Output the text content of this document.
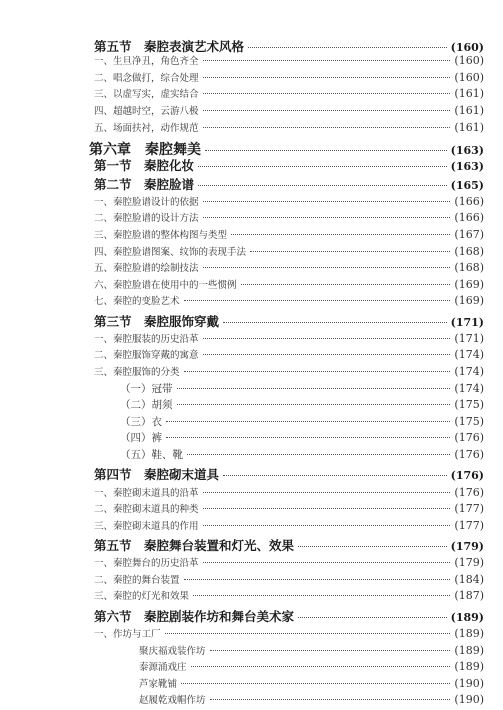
第五节　秦腔表演艺术风格	(160)
一、生旦净丑，角色齐全	(160)
二、唱念做打，综合处理	(160)
三、以虚写实，虚实结合	(161)
四、超越时空，云游八极	(161)
五、场面扶衬，动作规范	(161)
第六章　秦腔舞美	(163)
第一节　秦腔化妆	(163)
第二节　秦腔脸谱	(165)
一、秦腔脸谱设计的依据	(166)
二、秦腔脸谱的设计方法	(166)
三、秦腔脸谱的整体构图与类型	(167)
四、秦腔脸谱图案、纹饰的表现手法	(168)
五、秦腔脸谱的绘制技法	(168)
六、秦腔脸谱在使用中的一些惯例	(169)
七、秦腔的变脸艺术	(169)
第三节　秦腔服饰穿戴	(171)
一、秦腔服装的历史沿革	(171)
二、秦腔服饰穿戴的寓意	(174)
三、秦腔服饰的分类	(174)
（一）冠带	(174)
（二）胡须	(175)
（三）衣	(175)
（四）裤	(176)
（五）鞋、靴	(176)
第四节　秦腔砌末道具	(176)
一、秦腔砌末道具的沿革	(176)
二、秦腔砌末道具的种类	(177)
三、秦腔砌末道具的作用	(177)
第五节　秦腔舞台装置和灯光、效果	(179)
一、秦腔舞台的历史沿革	(179)
二、秦腔的舞台装置	(184)
三、秦腔的灯光和效果	(187)
第六节　秦腔剧装作坊和舞台美术家	(189)
一、作坊与工厂	(189)
聚庆福戏装作坊	(189)
泰源涌戏庄	(189)
芦家靴铺	(190)
赵履乾戏帽作坊	(190)
